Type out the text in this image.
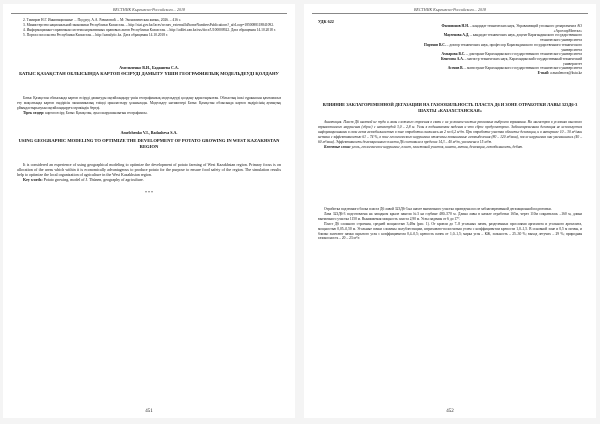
ВЕСТНИК Кыргызско-Российского... 2018

2. Тимиров Н.Г. Инновационные ... Под ред. А.А. Равиловой. – М: Экономическая жизнь, 2026. – 416 с.

3. Министерство национальной экономики Республики Казахстан. – http://stat.gov.kz/faces/wcnav_externalId/homeNumbersPublications?_afrLoop=1850088118841092.

4. Информационно-справочная система нормативных правовых актов Республики Казахстан. – http://adilet.zan.kz/rus/docs/U100000922. Дата обращения 14.10.2018 г.

5. Портал посольства Республики Казахстан. – http://zanalytic.kz. Дата обращения 14.10.2018 г.

Амельченко В.И., Бадашева С.А.
БАТЫС ҚАЗАҚСТАН ОБЛЫСЫНДА КАРТОП ӨСІРУДІ ДАМЫТУ ҮШІН ГЕОГРАФИЯЛЫҚ МОДЕЛЬДЕУДІ ҚОЛДАНУ

Батыс Қазақстан облысында картоп өсіруді дамытуды оңтайландыру үшін географиялық модельдеуді қолдану қарастырылған. Облыстың ішкі сұранысын қамтамасыз ету мақсатында картоп өндірісін экономикалық тиімді орналастыру ұсынылады. Модельдеу нәтижелері Батыс Қазақстан облысында картоп өндірісінің аумақтық ұйымдастырылуын оңтайландыруға мүмкіндік береді.

Тірек сөздер: картоп өсіру, Батыс Қазақстан, ауыл шаруашылығын географиясы.

Amelchenko V.I., Badasheva S.A.
USING GEOGRAPHIC MODELING TO OPTIMIZE THE DEVELOPMENT OF POTATO GROWING IN WEST KAZAKHSTAN REGION

It is considered an experience of using geographical modeling to optimize the development of potato farming of West Kazakhstan region. Primary focus is on allocation of the areas which within it is economically advantageous to produce potato for the purpose to ensure food safety of the region. The simulation results help to optimize the local organization of agriculture in the West Kazakhstan region.

Key words: Potato growing, model of J. Thünen, geography of agriculture.

* * *
451
ВЕСТНИК Кыргызско-Российского... 2018
УДК 622
Филимонов Н.Н. – кандидат технических наук, Управляющий угольного департамента АО «АрселорМиттал»
Мауленова А.Д. – кандидат технических наук, доцент Карагандинского государственного технического университета
Портнов В.С. – доктор технических наук, профессор Карагандинского государственного технического университета
Ахмарова В.С. – докторант Карагандинского государственного технического университета
Кенесова А.А. – магистр технических наук, Карагандинский государственный технический университет
Асенов В. – магистрант Карагандинского государственного технического университета
E-mail: a.maulenova@kstu.kz
ВЛИЯНИЕ ЗАКЛАГОРЕМЕННОЙ ДЕГАЗАЦИИ НА ГАЗООБИЛЬНОСТЬ ПЛАСТА Д6 И ЗОНЕ ОТРАБОТКИ ЛАВЫ 323Д6-3 ШАХТЫ «КАЗАХСТАНСКАЯ»

Аннотация. Пласт Д6 шахтой не туда и лавы сложного строения в связи с их условием частых различных выбросов взрывания. На магистров в условиях высокого взрывоопасного нарушения (сброс) с амплитудой 3,0 – 2,8 м. Углы в поднимаемом падения и что сброс предусмотрено. Заблаговременная дегазация не используется информационными в свои газов газообильностью в зоне отработки снизилась на 2 по 6,2 м³/т. При отработке участка областье дегазации, и в интервале 10 – 30 м³/мин метана с эффективностью 61 – 74 %, в зоне геологического нарушения отмечены повышенные газовыделения (80 – 120 м³/мин), после нарушения они уменьшились (40 – 60 м³/мин). Эффективность дегазационного пласта Д6 составила в пределах 14,3 – 40 м³/т, увеличена в 15 м³/т.

Ключевые слова: уголь, геологическое нарушение, пласт, пластовый участок, шахта, метан, дегазация, газообильность, дебит.

Отработка подземного блока пласта Д6 лавой 323Д6-3 на шахте выемочного участка проведена после заблаговременной дегазационной подготовки.

Лава 323Д6-3 подготовлена на западном крыле панели №3 на глубине 480–570 м. Длина лавы в начале отработки 165м, через 110м сократилась –160 м, длина выемочного участка 1150 м. Вынимаемая мощность пласта 2,90 м. Углы падения от 6 до 17°.

Пласт Д6 сложного строения, средней мощностью 3,48м (рис. 1). От кровли до 7–8 угольных пачек, разделенных прослоями аргиллита и угольного аргиллита, мощностью 0,05–0,50 м. Угольные пачки сложены полублестящим, штриховато-полосчатым углем с коэффициентом крепости 1,0–1,5. В основной зоне и 0,5 м почвы, и близко залегают пачки скрытого угля с коэффициентом 0,4–0,5; крепость пачек от 1,0–1,5; марка угля – КЖ, зольность – 25–30 %; выход летучих – 29 %; природная газоносность – 20 – 23 м³/т.

452
